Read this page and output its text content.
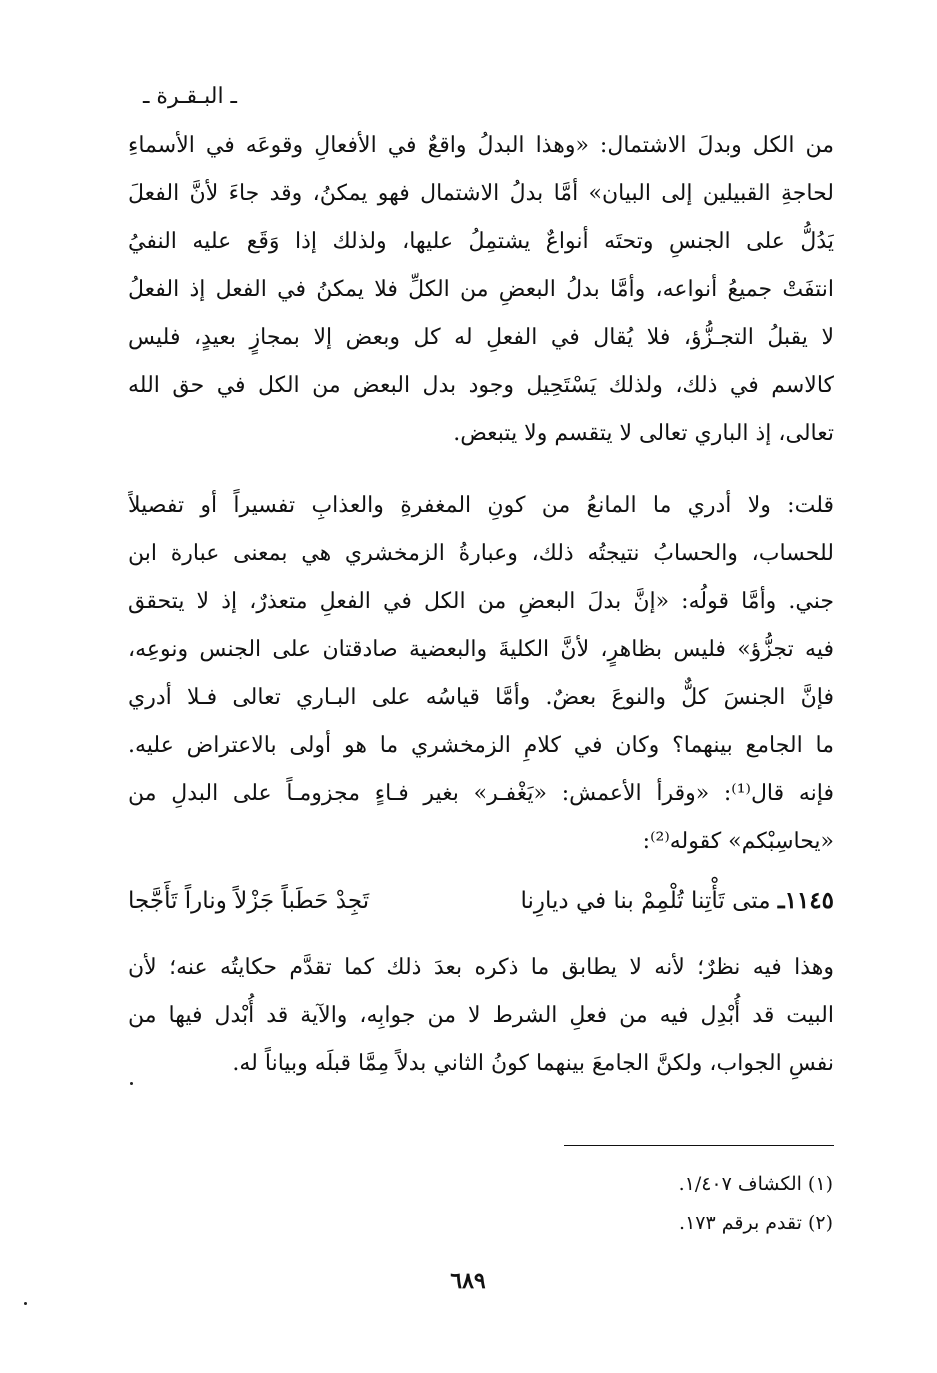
ـ البـقـرة ـ
من الكل وبدلَ الاشتمال: «وهذا البدلُ واقعٌ في الأفعالِ وقوعَه في الأسماءِ
لحاجةِ القبيلين إلى البيان» أمَّا بدلُ الاشتمال فهو يمكنُ، وقد جاءَ لأنَّ الفعلَ
يَدُلُّ على الجنسِ وتحتَه أنواعٌ يشتمِلُ عليها، ولذلك إذا وَقَع عليه النفيُ
انتفَتْ جميعُ أنواعه، وأمَّا بدلُ البعضِ من الكلِّ فلا يمكنُ في الفعل إذ الفعلُ
لا يقبلُ التجـزُّؤ، فلا يُقال في الفعلِ له كل وبعض إلا بمجازٍ بعيدٍ، فليس
كالاسم في ذلك، ولذلك يَسْتَحِيل وجود بدل البعض من الكل في حق الله
تعالى، إذ الباري تعالى لا يتقسم ولا يتبعض.
قلت: ولا أدري ما المانعُ من كونِ المغفرةِ والعذابِ تفسيراً أو تفصيلاً
للحساب، والحسابُ نتيجتُه ذلك، وعبارةُ الزمخشري هي بمعنى عبارة ابن
جني. وأمَّا قولُه: «إنَّ بدلَ البعضِ من الكل في الفعلِ متعذرٌ، إذ لا يتحقق
فيه تجزُّؤ» فليس بظاهرٍ، لأنَّ الكليةَ والبعضية صادقتان على الجنس ونوعِه،
فإنَّ الجنسَ كلٌّ والنوعَ بعضٌ. وأمَّا قياسُه على البـاري تعالى فـلا أدري
ما الجامع بينهما؟ وكان في كلامِ الزمخشري ما هو أولى بالاعتراض عليه.
فإنه قال⁽¹⁾: «وقرأ الأعمش: «يَغْفـر» بغير فـاءٍ مجزومـاً على البدلِ من
«يحاسِبْكم» كقوله⁽²⁾:
١١٤٥ـ متى تَأْتِنا تُلْمِمْ بنا في ديارِنا
تَجِدْ حَطَباً جَزْلاً وناراً تَأَجَّجا
وهذا فيه نظرٌ؛ لأنه لا يطابق ما ذكره بعدَ ذلك كما تقدَّم حكايتُه عنه؛ لأن
البيت قد أُبْدِل فيه من فعلِ الشرط لا من جوابِه، والآية قد أُبْدل فيها من
نفسِ الجواب، ولكنَّ الجامعَ بينهما كونُ الثاني بدلاً مِمَّا قبلَه وبياناً له.
(١) الكشاف ١/٤٠٧.
(٢) تقدم برقم ١٧٣.
٦٨٩
